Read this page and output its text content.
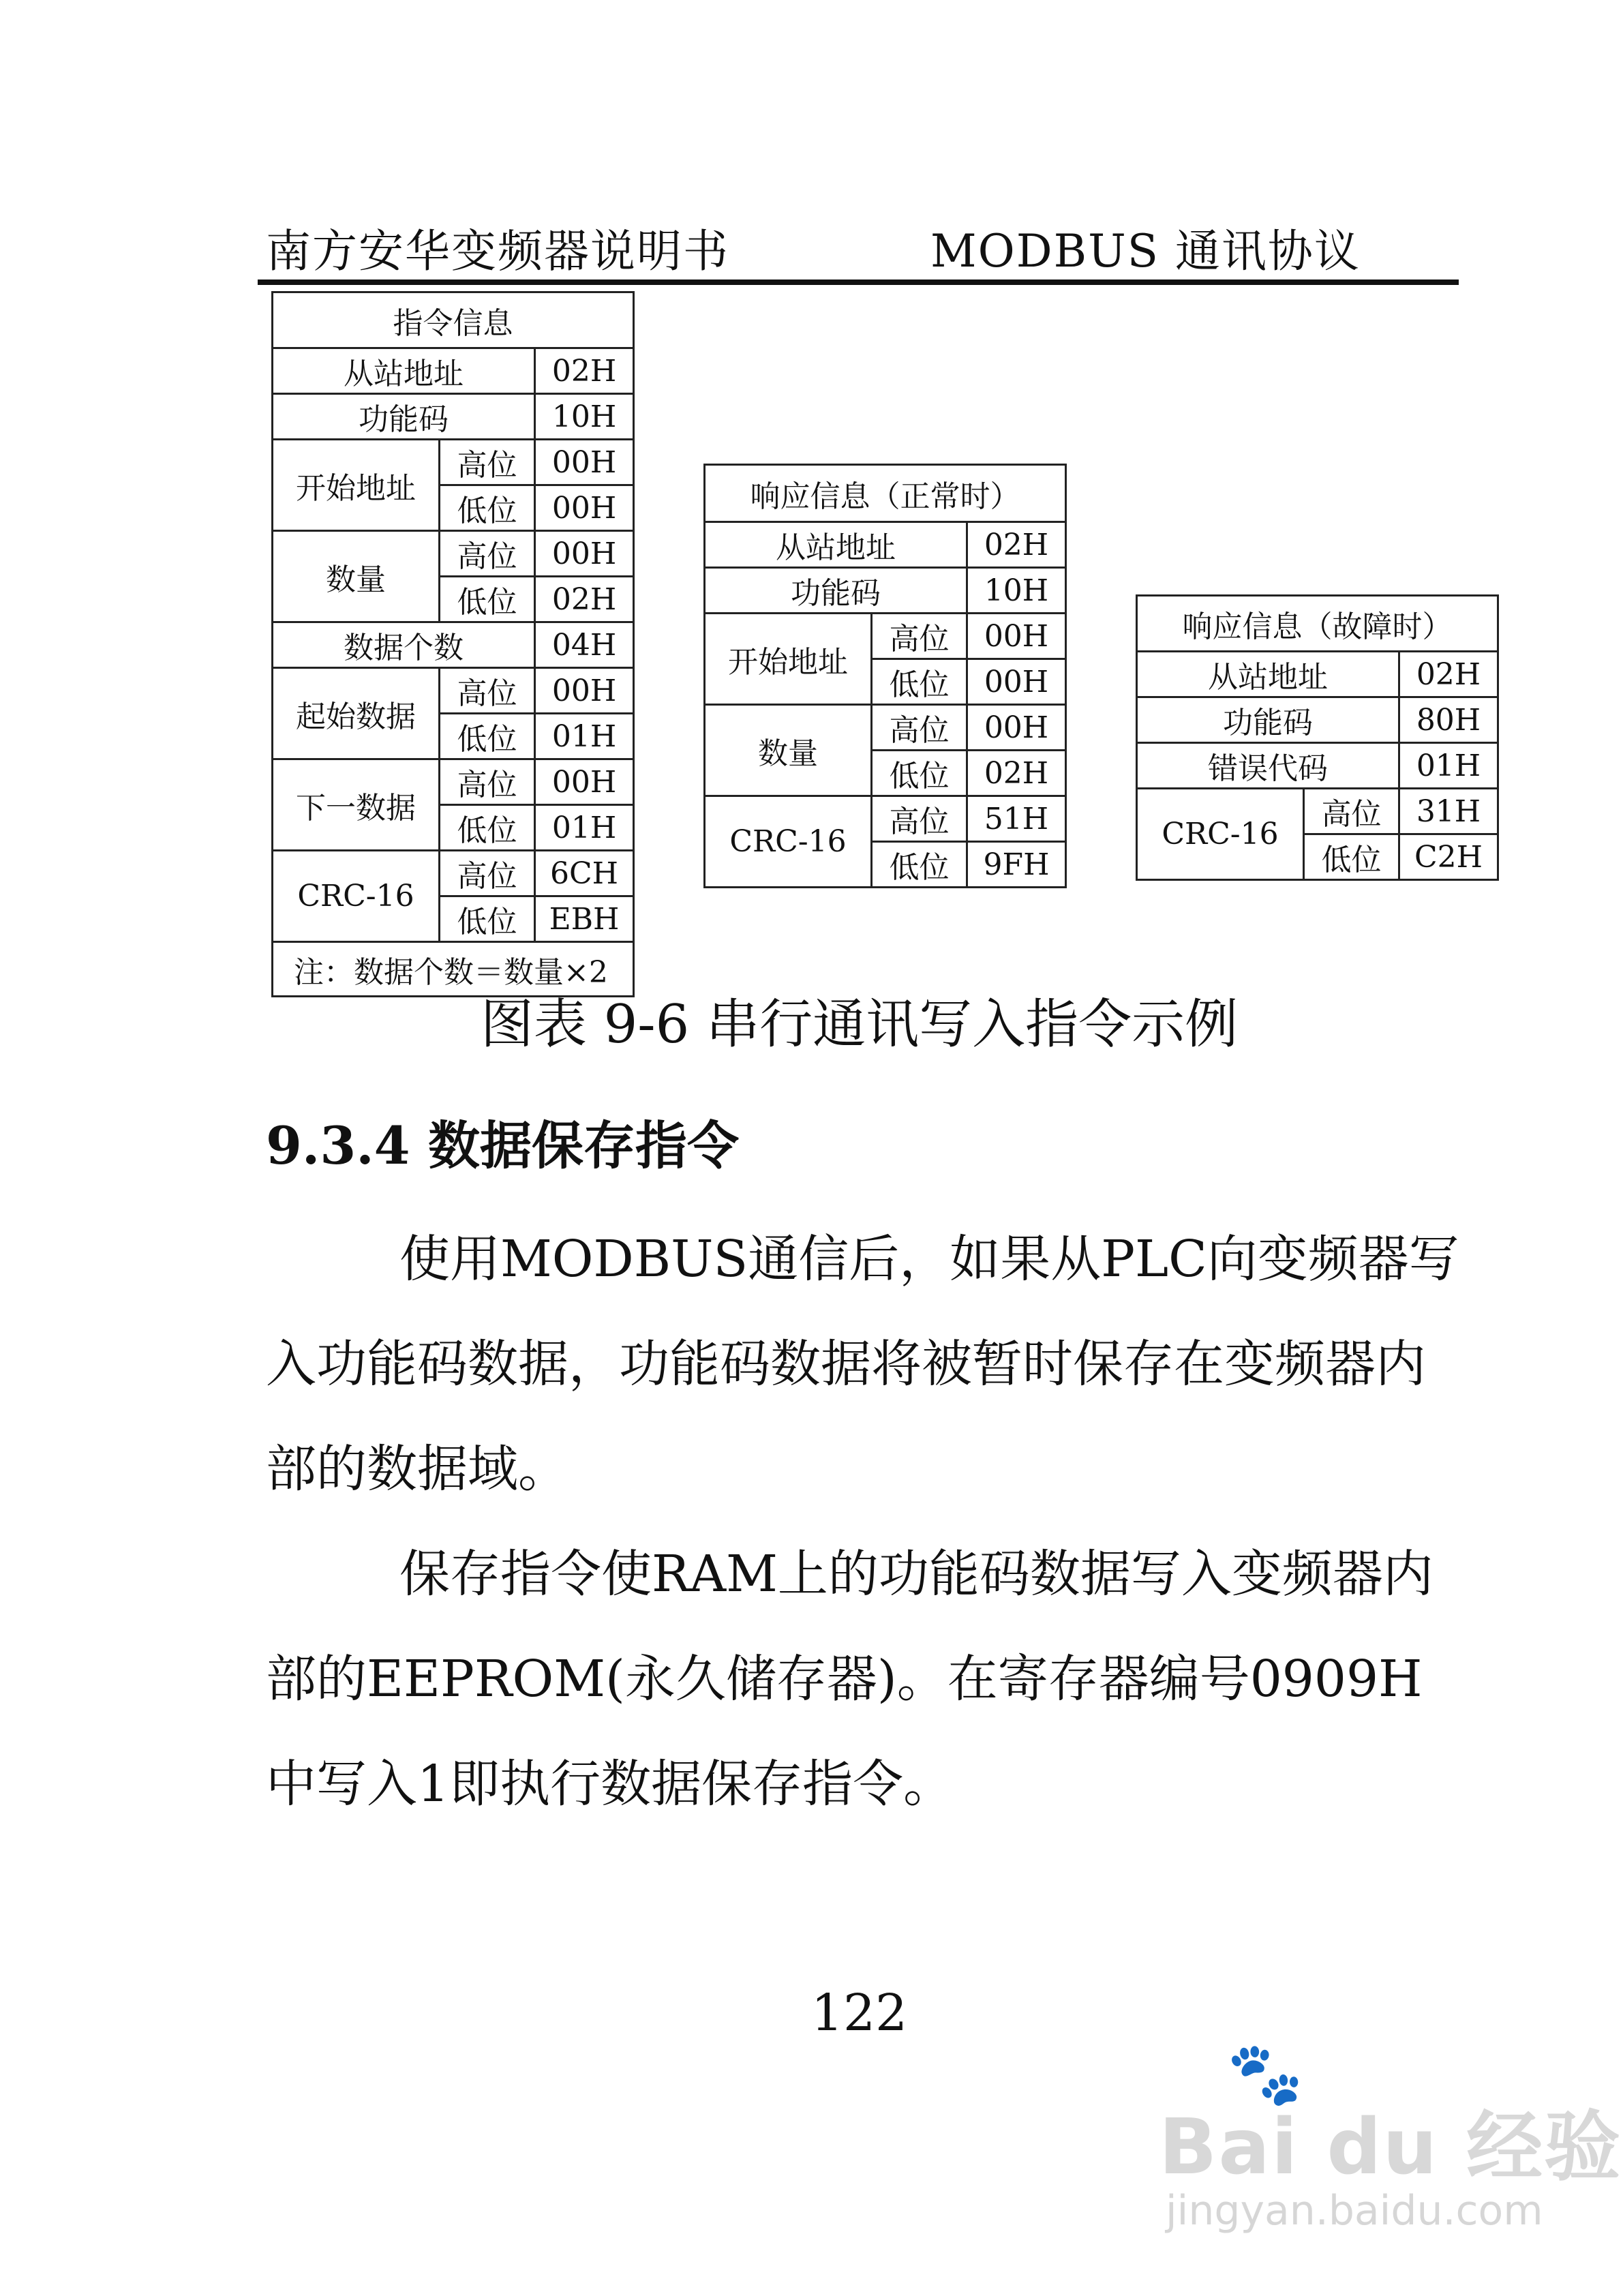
南方安华变频器说明书	MODBUS 通讯协议
指令信息		
从站地址		02H
功能码		10H
开始地址	高位	00H
	低位	00H
数量	高位	00H
	低位	02H
数据个数		04H
起始数据	高位	00H
	低位	01H
下一数据	高位	00H
	低位	01H
CRC-16	高位	6CH
	低位	EBH
注：数据个数＝数量×2		
响应信息（正常时）		
从站地址		02H
功能码		10H
开始地址	高位	00H
	低位	00H
数量	高位	00H
	低位	02H
CRC-16	高位	51H
	低位	9FH
响应信息（故障时）		
从站地址		02H
功能码		80H
错误代码		01H
CRC-16	高位	31H
	低位	C2H
图表 9-6 串行通讯写入指令示例
9.3.4 数据保存指令
使用MODBUS通信后，如果从PLC向变频器写入功能码数据，功能码数据将被暂时保存在变频器内部的数据域。
保存指令使RAM上的功能码数据写入变频器内部的EEPROM(永久储存器)。在寄存器编号0909H中写入1即执行数据保存指令。
122
🐾
Bai du 经验
jingyan.baidu.com
